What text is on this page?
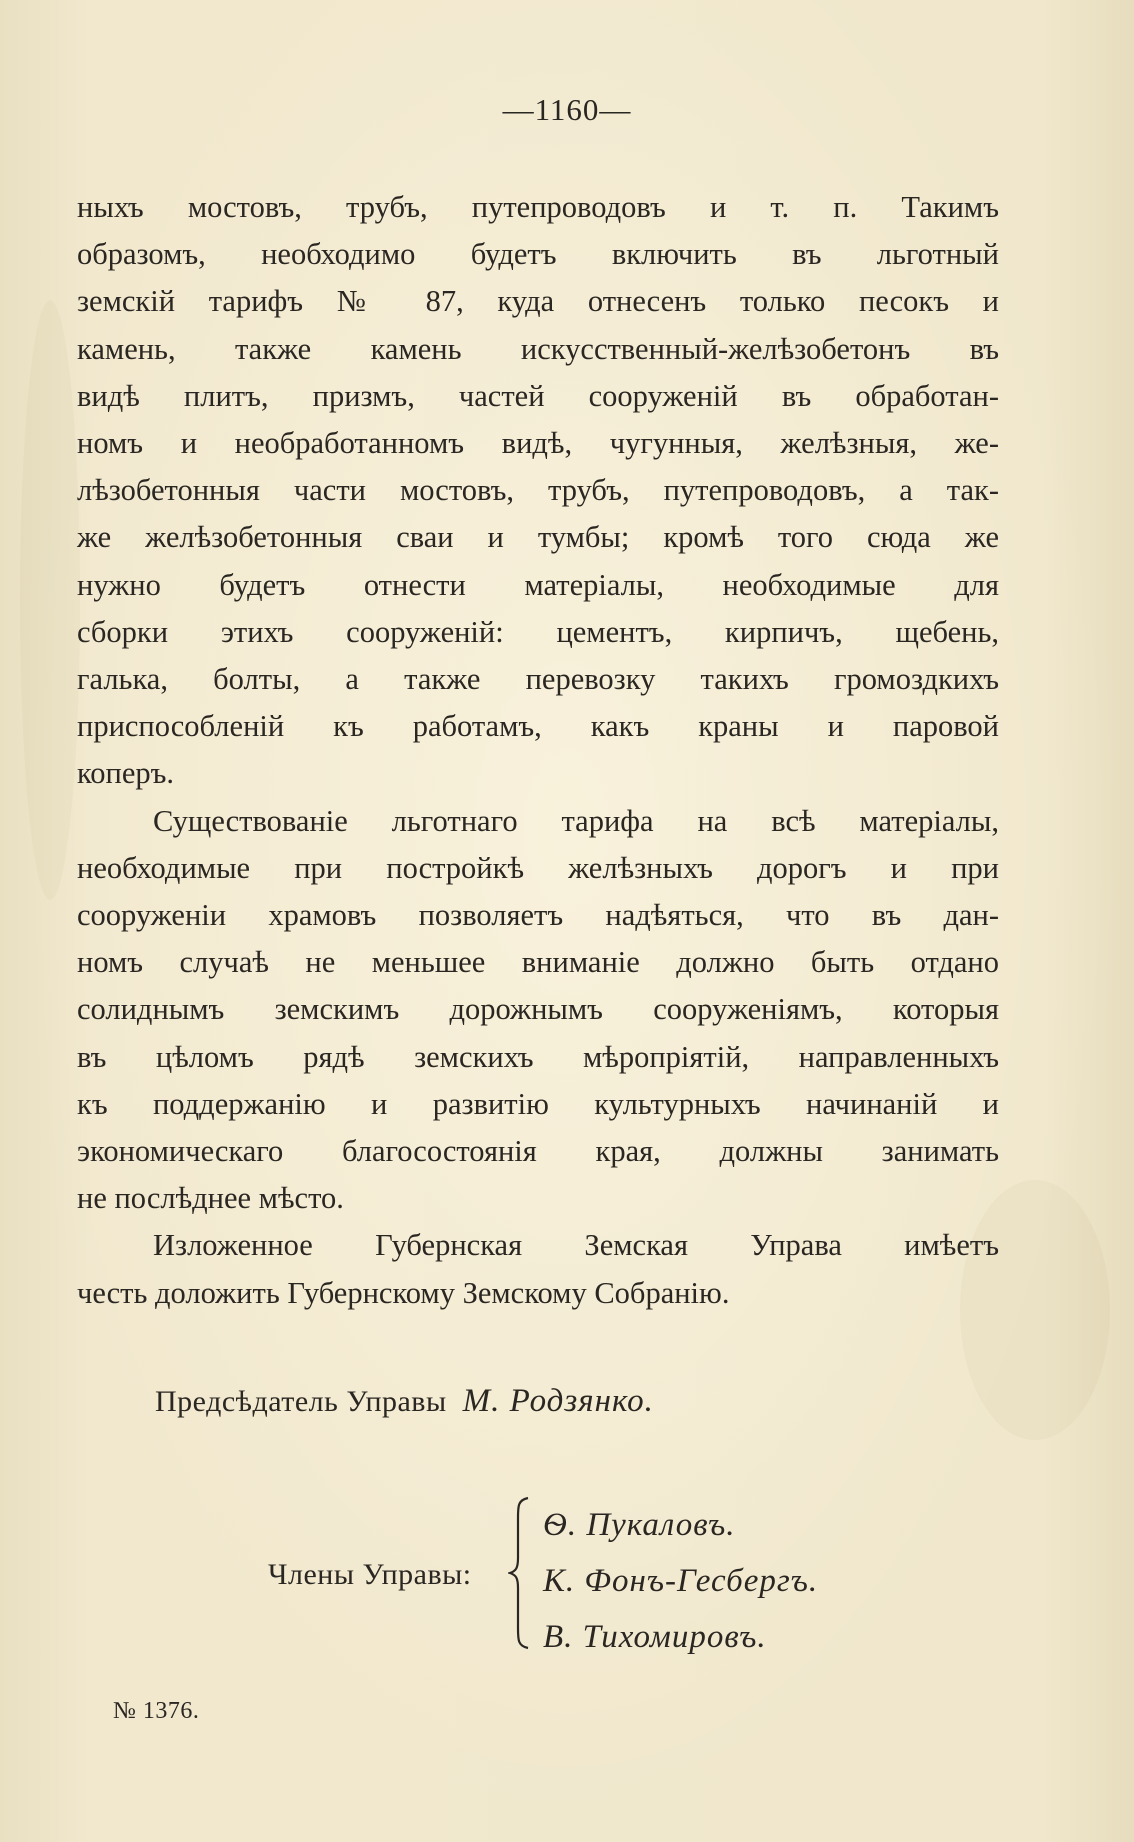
—1160—
ныхъ мостовъ, трубъ, путепроводовъ и т. п. Такимъ
образомъ, необходимо будетъ включить въ льготный
земскій тарифъ № 87, куда отнесенъ только песокъ и
камень, также камень искусственный-желѣзобетонъ въ
видѣ плитъ, призмъ, частей сооруженій въ обработан-
номъ и необработанномъ видѣ, чугунныя, желѣзныя, же-
лѣзобетонныя части мостовъ, трубъ, путепроводовъ, а так-
же желѣзобетонныя сваи и тумбы; кромѣ того сюда же
нужно будетъ отнести матеріалы, необходимые для
сборки этихъ сооруженій: цементъ, кирпичъ, щебень,
галька, болты, а также перевозку такихъ громоздкихъ
приспособленій къ работамъ, какъ краны и паровой
коперъ.
Существованіе льготнаго тарифа на всѣ матеріалы,
необходимые при постройкѣ желѣзныхъ дорогъ и при
сооруженіи храмовъ позволяетъ надѣяться, что въ дан-
номъ случаѣ не меньшее вниманіе должно быть отдано
солиднымъ земскимъ дорожнымъ сооруженіямъ, которыя
въ цѣломъ рядѣ земскихъ мѣропріятій, направленныхъ
къ поддержанію и развитію культурныхъ начинаній и
экономическаго благосостоянія края, должны занимать
не послѣднее мѣсто.
Изложенное Губернская Земская Управа имѣетъ
честь доложить Губернскому Земскому Собранію.
Предсѣдатель Управы М. Родзянко.
Члены Управы:
Ѳ. Пукаловъ.
К. Фонъ-Гесбергъ.
В. Тихомировъ.
№ 1376.
